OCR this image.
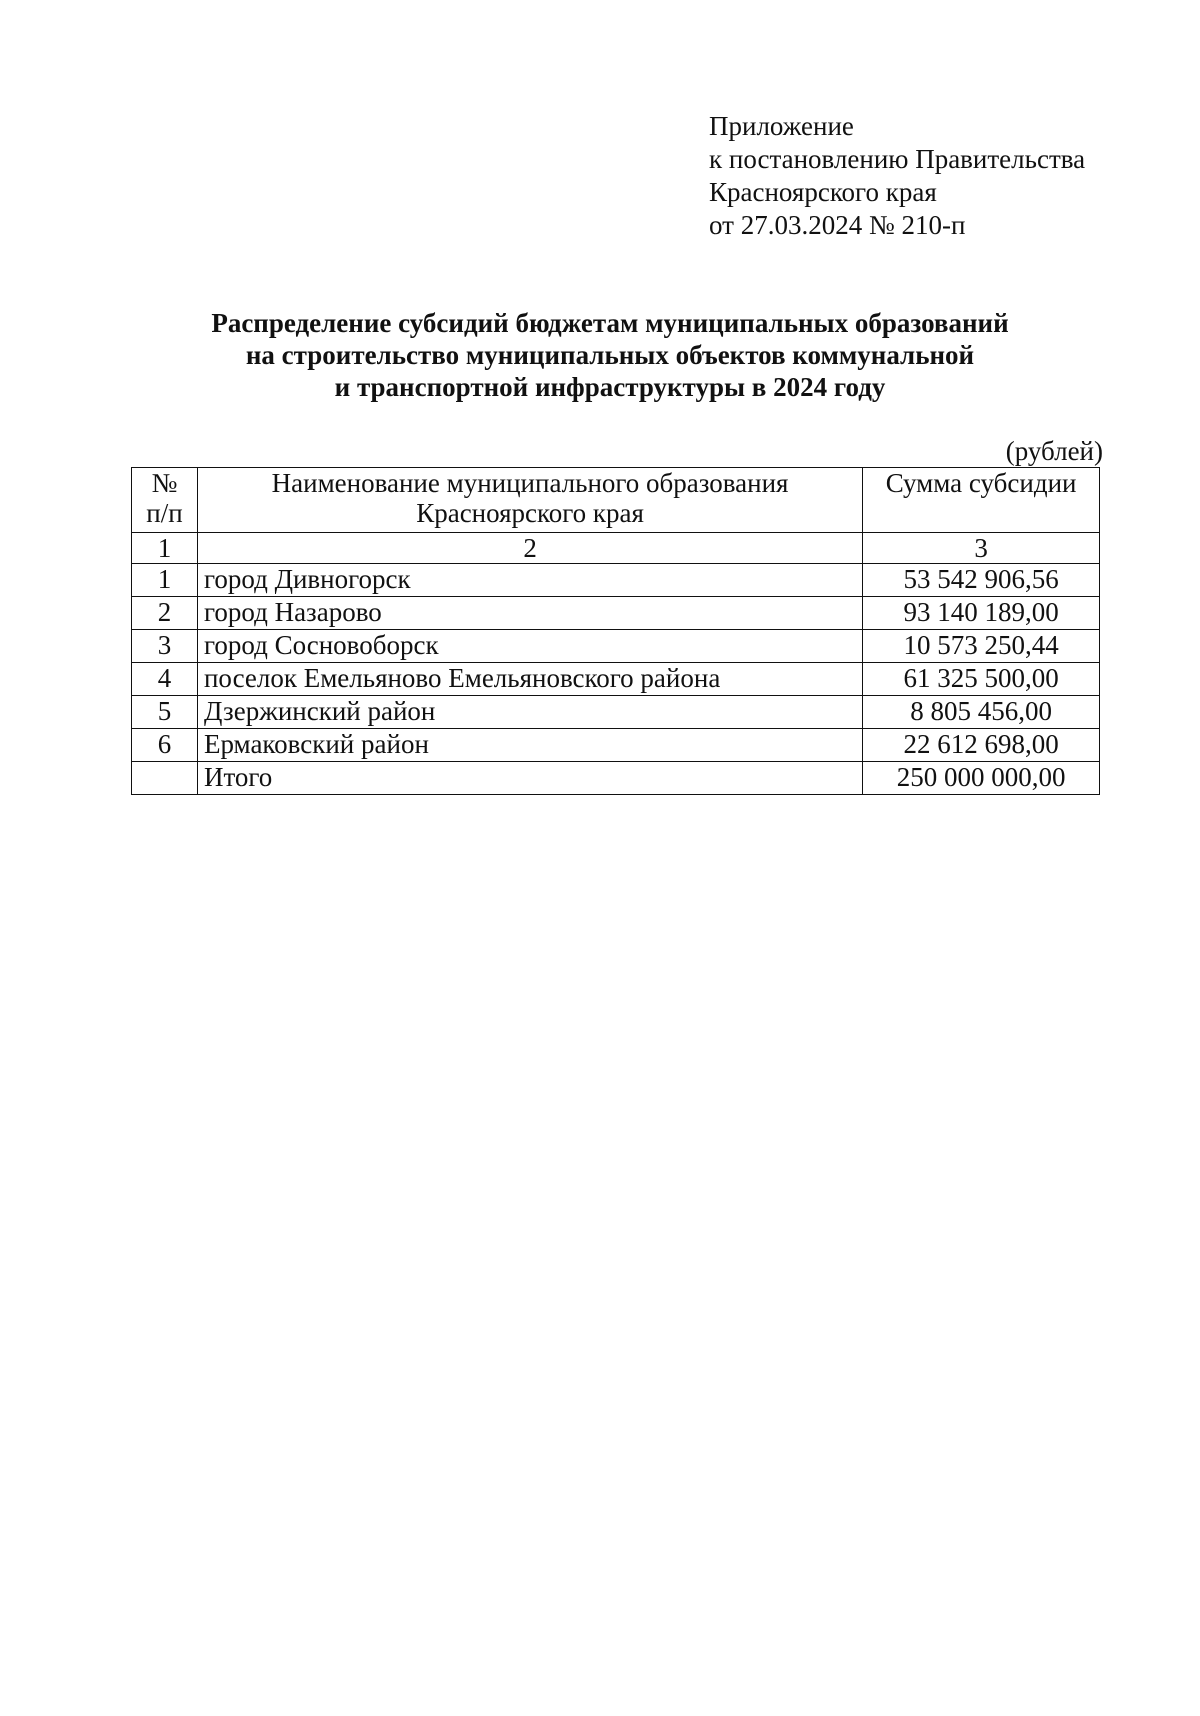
Приложение
к постановлению Правительства
Красноярского края
от 27.03.2024 № 210-п
Распределение субсидий бюджетам муниципальных образований
на строительство муниципальных объектов коммунальной
и транспортной инфраструктуры в 2024 году
(рублей)
№ п/п	Наименование муниципального образования Красноярского края	Сумма субсидии
1	2	3
1	город Дивногорск	53 542 906,56
2	город Назарово	93 140 189,00
3	город Сосновоборск	10 573 250,44
4	поселок Емельяново Емельяновского района	61 325 500,00
5	Дзержинский район	8 805 456,00
6	Ермаковский район	22 612 698,00
	Итого	250 000 000,00
